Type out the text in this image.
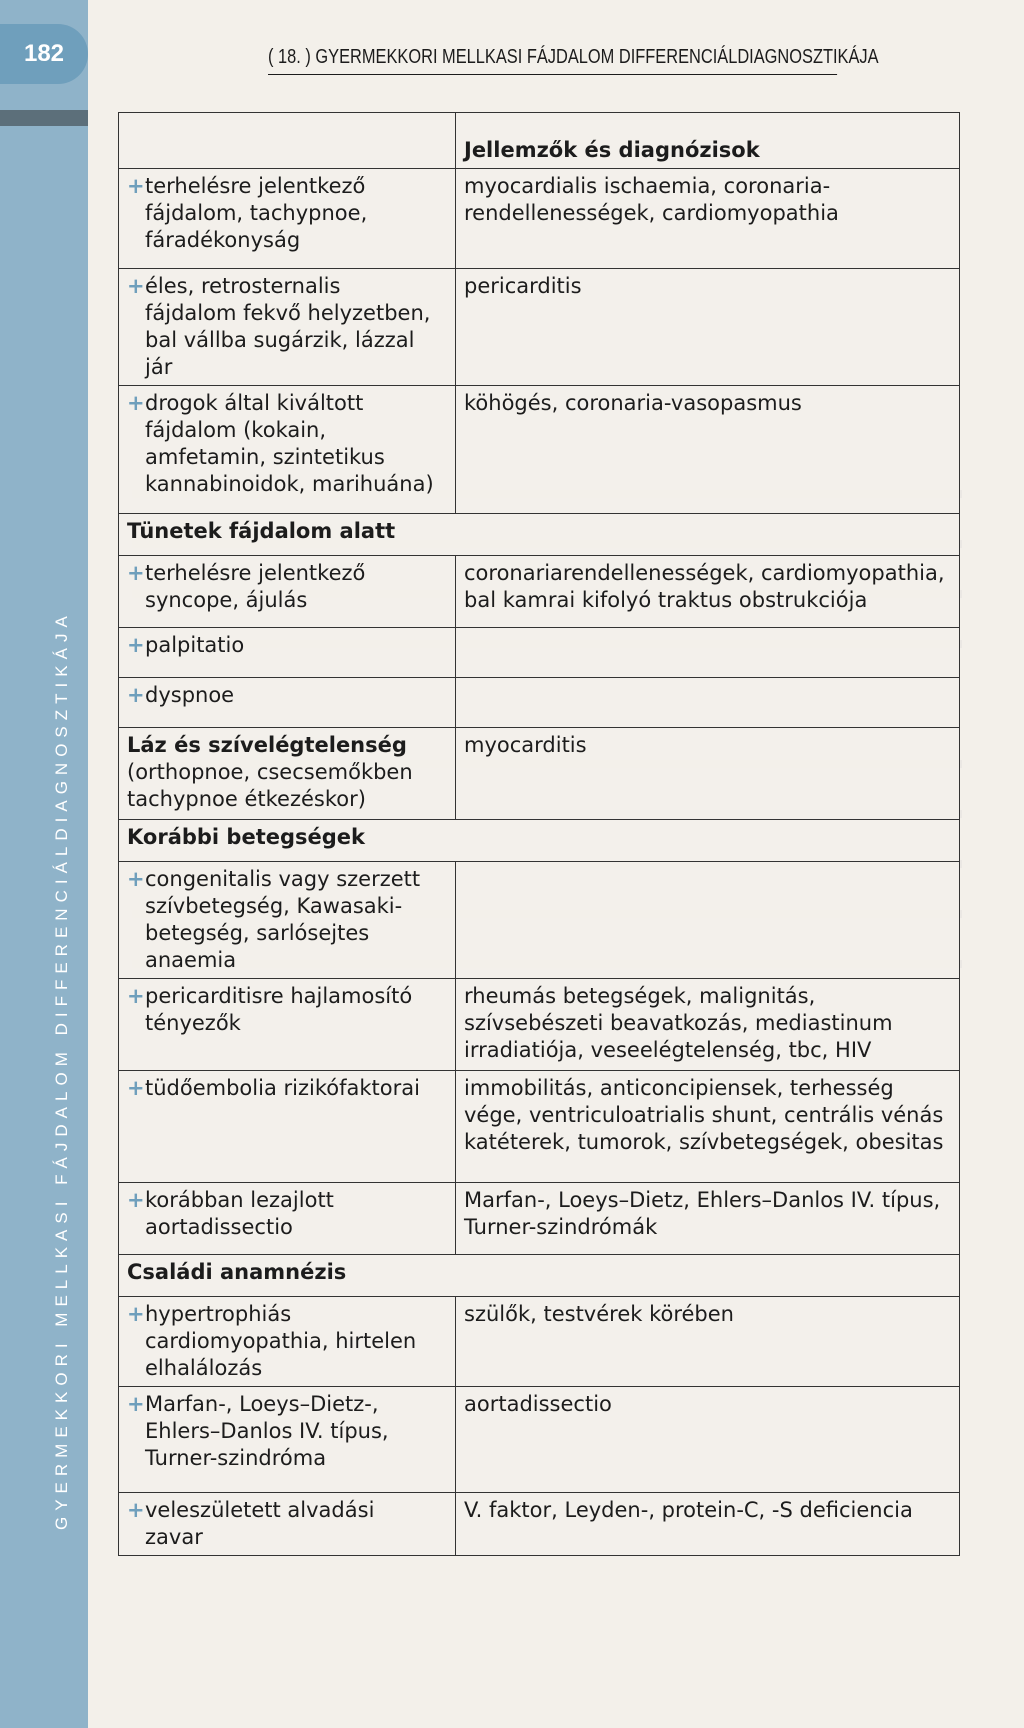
182
GYERMEKKORI MELLKASI FÁJDALOM DIFFERENCIÁLDIAGNOSZTIKÁJA
( 18. ) GYERMEKKORI MELLKASI FÁJDALOM DIFFERENCIÁLDIAGNOSZTIKÁJA
	Jellemzők és diagnózisok
+terhelésre jelentkező fájdalom, tachypnoe, fáradékonyság	myocardialis ischaemia, coronaria- rendellenességek, cardiomyopathia
+éles, retrosternalis fájdalom fekvő helyzetben, bal vállba sugárzik, lázzal jár	pericarditis
+drogok által kiváltott fájdalom (kokain, amfetamin, szintetikus kannabinoidok, marihuána)	köhögés, coronaria-vasopasmus
Tünetek fájdalom alatt	
+terhelésre jelentkező syncope, ájulás	coronariarendellenességek, cardiomyopathia, bal kamrai kifolyó traktus obstrukciója
+palpitatio	
+dyspnoe	

Láz és szívelégtelenség
(orthopnoe, csecsemőkben tachypnoe étkezéskor)	myocarditis
Korábbi betegségek	
+congenitalis vagy szerzett szívbetegség, Kawasaki-betegség, sarlósejtes anaemia	
+pericarditisre hajlamosító tényezők	rheumás betegségek, malignitás, szívsebészeti beavatkozás, mediastinum irradiatiója, veseelégtelenség, tbc, HIV
+tüdőembolia rizikófaktorai	immobilitás, anticoncipiensek, terhesség vége, ventriculoatrialis shunt, centrális vénás katéterek, tumorok, szívbetegségek, obesitas
+korábban lezajlott aortadissectio	Marfan-, Loeys–Dietz, Ehlers–Danlos IV. típus, Turner-szindrómák
Családi anamnézis	
+hypertrophiás cardiomyopathia, hirtelen elhalálozás	szülők, testvérek körében
+Marfan-, Loeys–Dietz-, Ehlers–Danlos IV. típus, Turner-szindróma	aortadissectio
+veleszületett alvadási zavar	V. faktor, Leyden-, protein-C, -S deficiencia
